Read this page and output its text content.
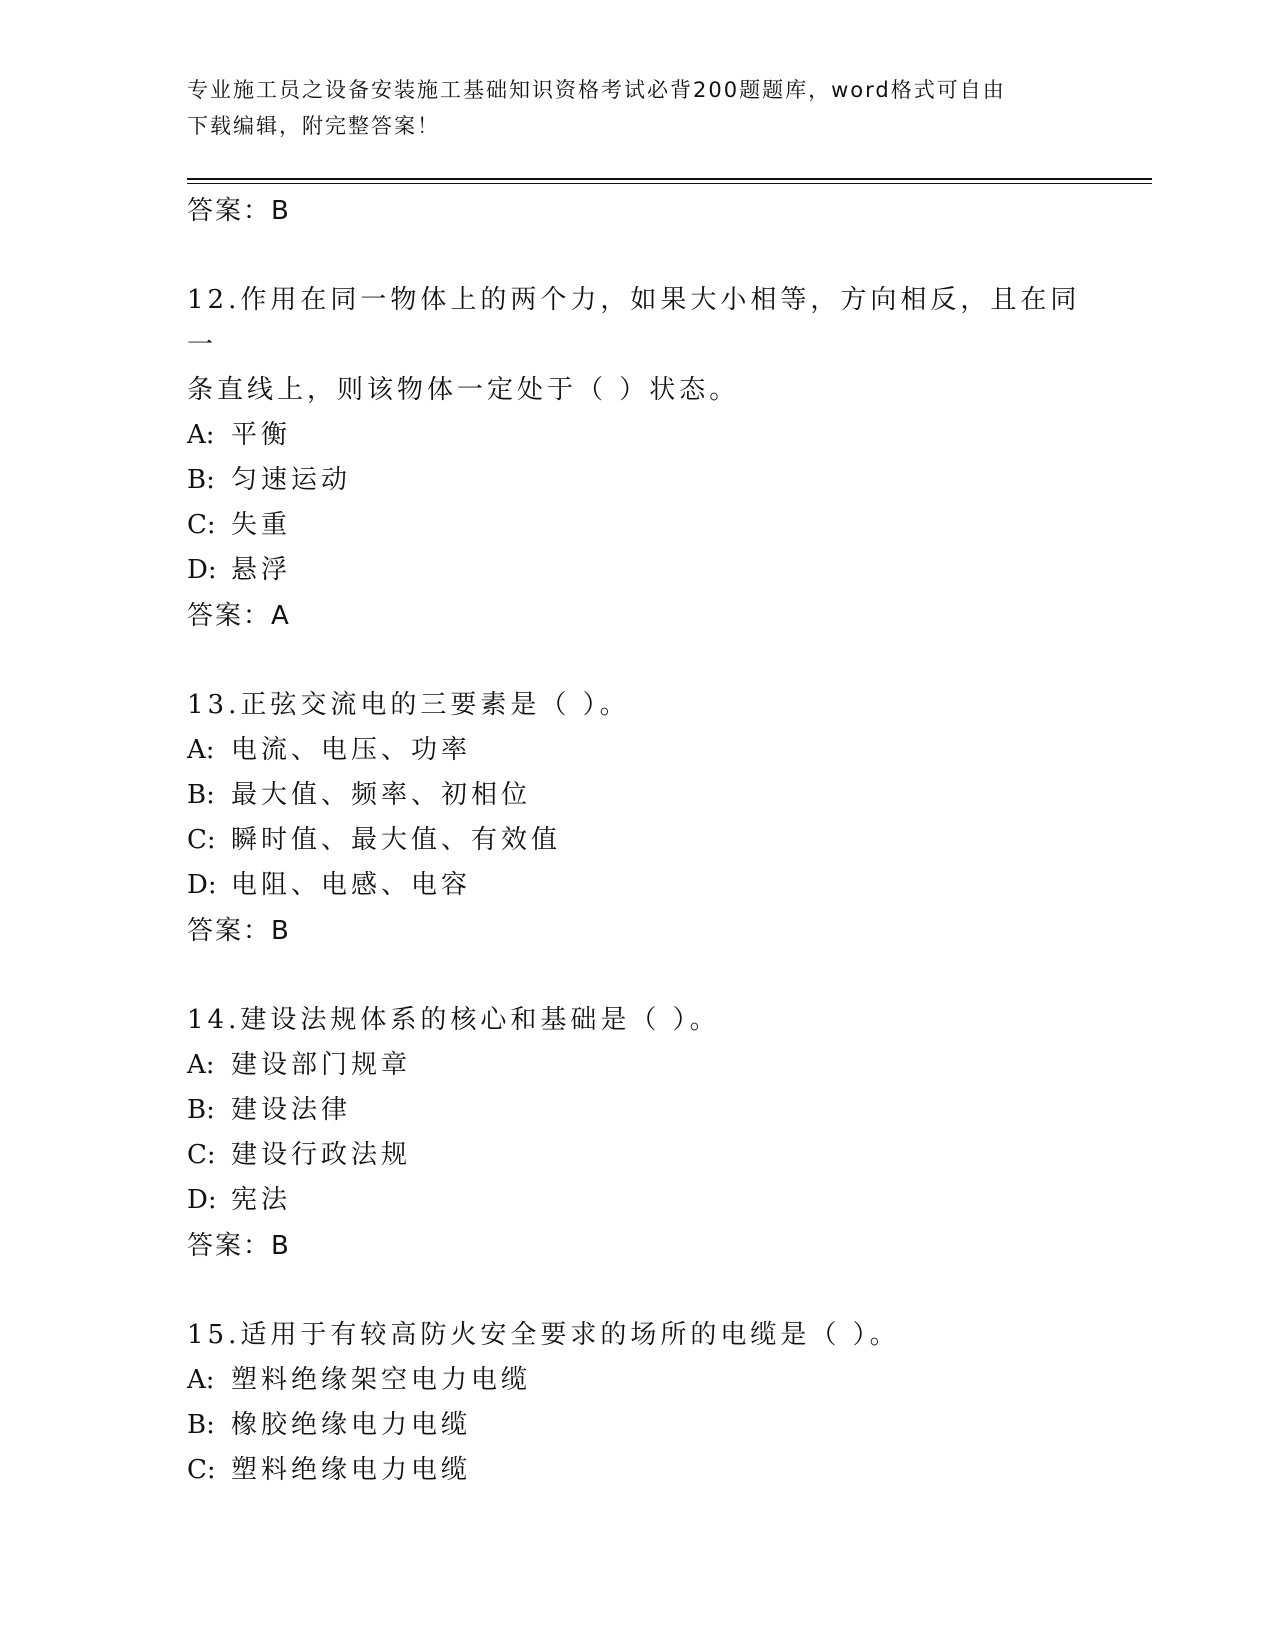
专业施工员之设备安装施工基础知识资格考试必背200题题库，word格式可自由
下载编辑，附完整答案！
答案：B
12.作用在同一物体上的两个力，如果大小相等，方向相反，且在同一
条直线上，则该物体一定处于（ ）状态。
A: 平衡
B: 匀速运动
C: 失重
D: 悬浮
答案：A
13.正弦交流电的三要素是（ ）。
A: 电流、电压、功率
B: 最大值、频率、初相位
C: 瞬时值、最大值、有效值
D: 电阻、电感、电容
答案：B
14.建设法规体系的核心和基础是（ ）。
A: 建设部门规章
B: 建设法律
C: 建设行政法规
D: 宪法
答案：B
15.适用于有较高防火安全要求的场所的电缆是（ ）。
A: 塑料绝缘架空电力电缆
B: 橡胶绝缘电力电缆
C: 塑料绝缘电力电缆
